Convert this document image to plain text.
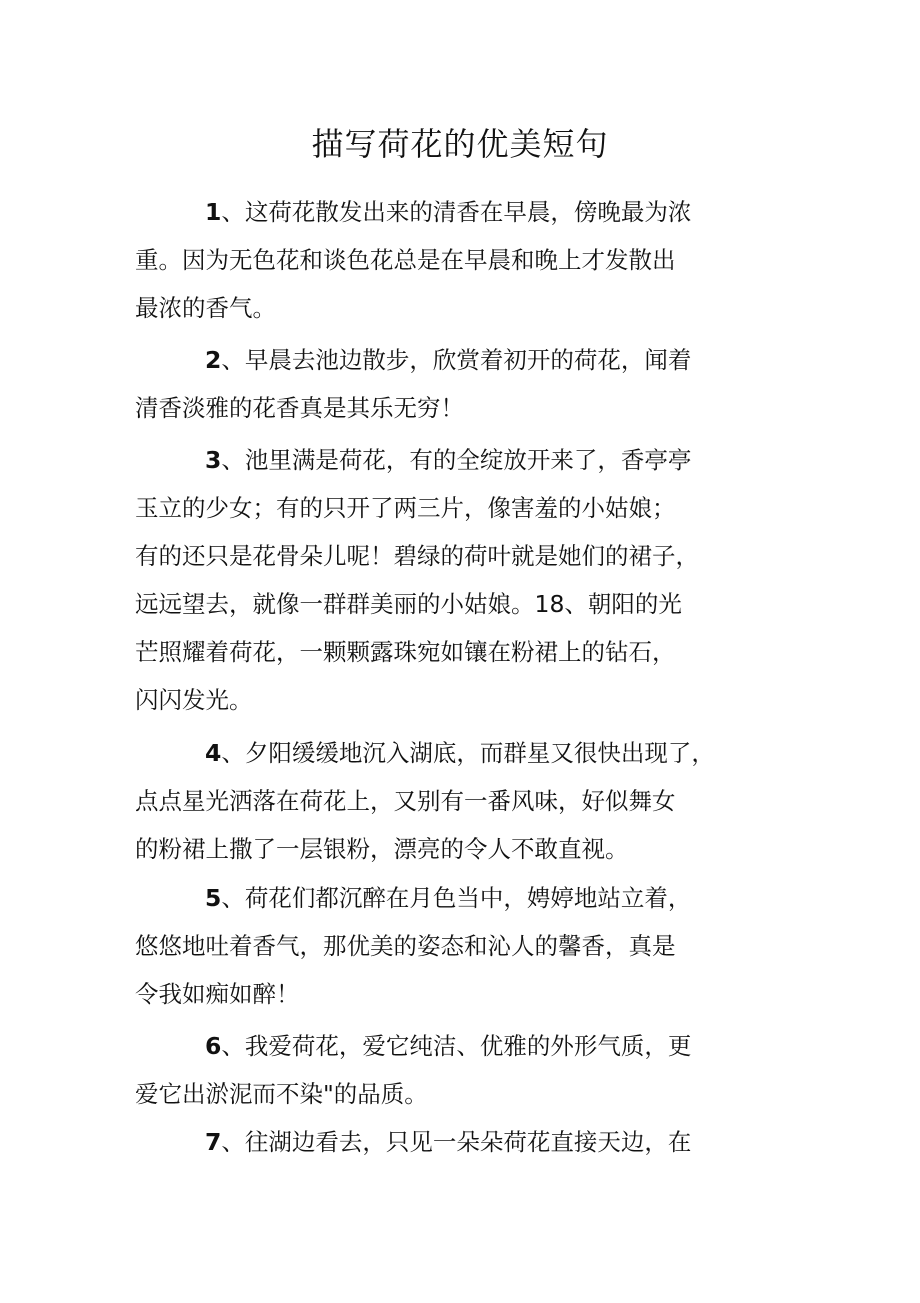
描写荷花的优美短句
1、这荷花散发出来的清香在早晨，傍晚最为浓
重。因为无色花和谈色花总是在早晨和晚上才发散出
最浓的香气。
2、早晨去池边散步，欣赏着初开的荷花，闻着
清香淡雅的花香真是其乐无穷！
3、池里满是荷花，有的全绽放开来了，香亭亭
玉立的少女；有的只开了两三片，像害羞的小姑娘；
有的还只是花骨朵儿呢！碧绿的荷叶就是她们的裙子，
远远望去，就像一群群美丽的小姑娘。18、朝阳的光
芒照耀着荷花，一颗颗露珠宛如镶在粉裙上的钻石，
闪闪发光。
4、夕阳缓缓地沉入湖底，而群星又很快出现了，
点点星光洒落在荷花上，又别有一番风味，好似舞女
的粉裙上撒了一层银粉，漂亮的令人不敢直视。
5、荷花们都沉醉在月色当中，娉婷地站立着，
悠悠地吐着香气，那优美的姿态和沁人的馨香，真是
令我如痴如醉！
6、我爱荷花，爱它纯洁、优雅的外形气质，更
爱它出淤泥而不染"的品质。
7、往湖边看去，只见一朵朵荷花直接天边，在
